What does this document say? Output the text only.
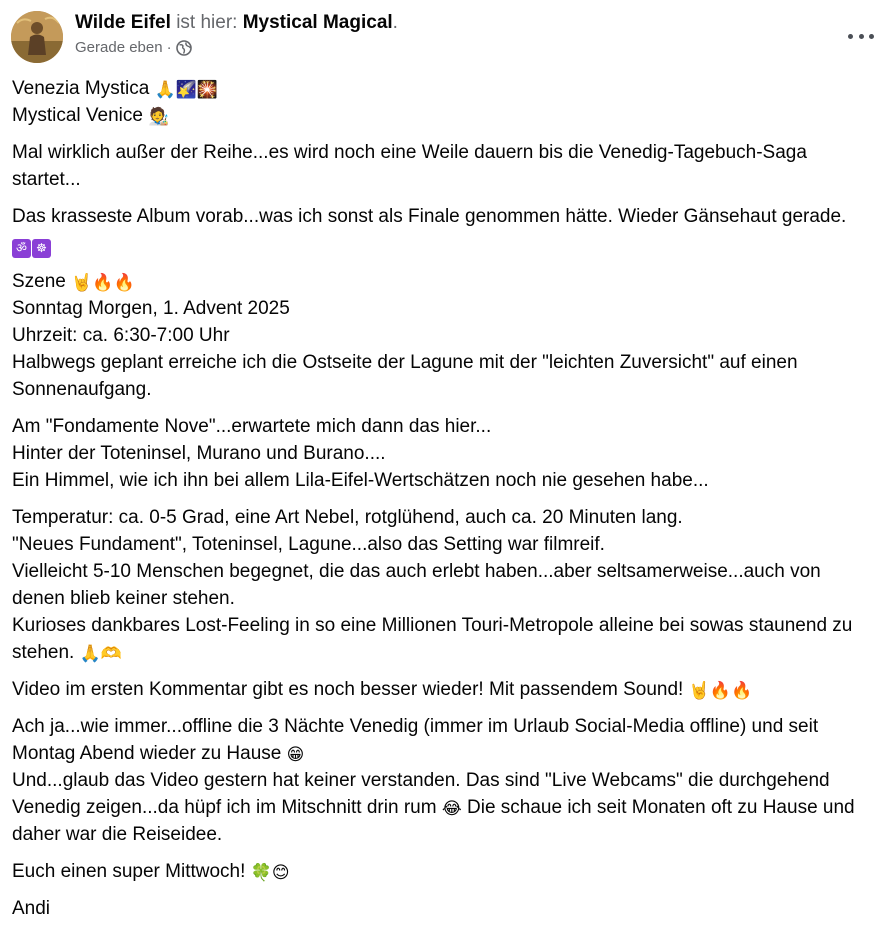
Wilde Eifel ist hier: Mystical Magical.
Gerade eben ·
Venezia Mystica 🙏🌠🎇
Mystical Venice 🧑‍🎨
Mal wirklich außer der Reihe...es wird noch eine Weile dauern bis die Venedig-Tagebuch-Saga startet...
Das krasseste Album vorab...was ich sonst als Finale genommen hätte. Wieder Gänsehaut gerade.
ॐ ☸
Szene 🤘🔥🔥
Sonntag Morgen, 1. Advent 2025
Uhrzeit: ca. 6:30-7:00 Uhr
Halbwegs geplant erreiche ich die Ostseite der Lagune mit der "leichten Zuversicht" auf einen Sonnenaufgang.
Am "Fondamente Nove"...erwartete mich dann das hier...
Hinter der Toteninsel, Murano und Burano....
Ein Himmel, wie ich ihn bei allem Lila-Eifel-Wertschätzen noch nie gesehen habe...
Temperatur: ca. 0-5 Grad, eine Art Nebel, rotglühend, auch ca. 20 Minuten lang.
"Neues Fundament", Toteninsel, Lagune...also das Setting war filmreif.
Vielleicht 5-10 Menschen begegnet, die das auch erlebt haben...aber seltsamerweise...auch von denen blieb keiner stehen.
Kurioses dankbares Lost-Feeling in so eine Millionen Touri-Metropole alleine bei sowas staunend zu stehen. 🙏🫶
Video im ersten Kommentar gibt es noch besser wieder! Mit passendem Sound! 🤘🔥🔥
Ach ja...wie immer...offline die 3 Nächte Venedig (immer im Urlaub Social-Media offline) und seit Montag Abend wieder zu Hause 😁
Und...glaub das Video gestern hat keiner verstanden. Das sind "Live Webcams" die durchgehend Venedig zeigen...da hüpf ich im Mitschnitt drin rum 😂 Die schaue ich seit Monaten oft zu Hause und daher war die Reiseidee.
Euch einen super Mittwoch! 🍀😊
Andi
